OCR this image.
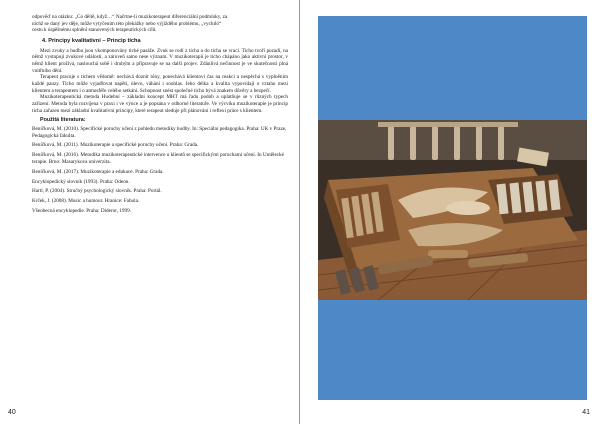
odpověď na otázku: „Co děítě, když…“ Načrtne-li muzikoterapeut diferenciální podmínky, za

nichž se daný jev děje, může vytyčenim této překážky nebo výjižděho problému, „vychiló“

cestu k úspěšnému splnění stanovených terapeutických cílů.

4. Principy kvalitativní – Princip ticha

Mezi zvuky a hudbu jsou vkomponovány tiché pasáže. Zvuk se rodí z ticha a do ticha se vrací. Ticho tvoří pozadí, na němž vystupují zvukové události, a zároveň samo nese význam. V muzikoterapii je ticho chápáno jako aktivní prostor, v němž klient prožívá, naslouchá sobě i druhým a připravuje se na další projev. Zdánlivá nečinnost je ve skutečnosti plná vnitřního dění.

Terapeut pracuje s tichem vědomě: nechává doznít tóny, ponechává klientovi čas na reakci a nespěchá s vyplněním každé pauzy. Ticho může vyjadřovat napětí, úlevu, váhání i souhlas. Jeho délka a kvalita vypovídají o vztahu mezi klientem a terapeutem i o atmosféře celého setkání. Schopnost snést společné ticho bývá znakem důvěry a bezpečí.

Muzikoterapeutická metoda Hudební – základní koncept MHT má řadu podob a uplatňuje se v různých typech zařízení. Metoda byla rozvíjena v praxi i ve výuce a je popsána v odborné literatuře. Ve výcviku muzikoterapie je princip ticha zařazen mezi základní kvalitativní principy, které terapeut sleduje při plánování i reflexi práce s klientem.

Použitá literatura:

Beníčková, M. (2010). Specifické poruchy učení z pohledu metodiky hudby. In: Speciální pedagogika. Praha: UK v Praze, Pedagogická fakulta.

Beníčková, M. (2011). Muzikoterapie a specifické poruchy učení. Praha: Grada.

Beníčková, M. (2016). Metodika muzikoterapeutické intervence u klientů se specifickými poruchami učení. In Umělecké terapie. Brno: Masarykova univerzita.

Beníčková, M. (2017). Muzikoterapie a edukace. Praha: Grada.

Encyklopedický slovník (1993). Praha: Odeon.

Hartl, P. (2004). Stručný psychologický slovník. Praha: Portál.

Krček, J. (2008). Music a humour. Hranice: Fabula.

Všeobecná encyklopedie. Praha: Diderot, 1999.

40	41
